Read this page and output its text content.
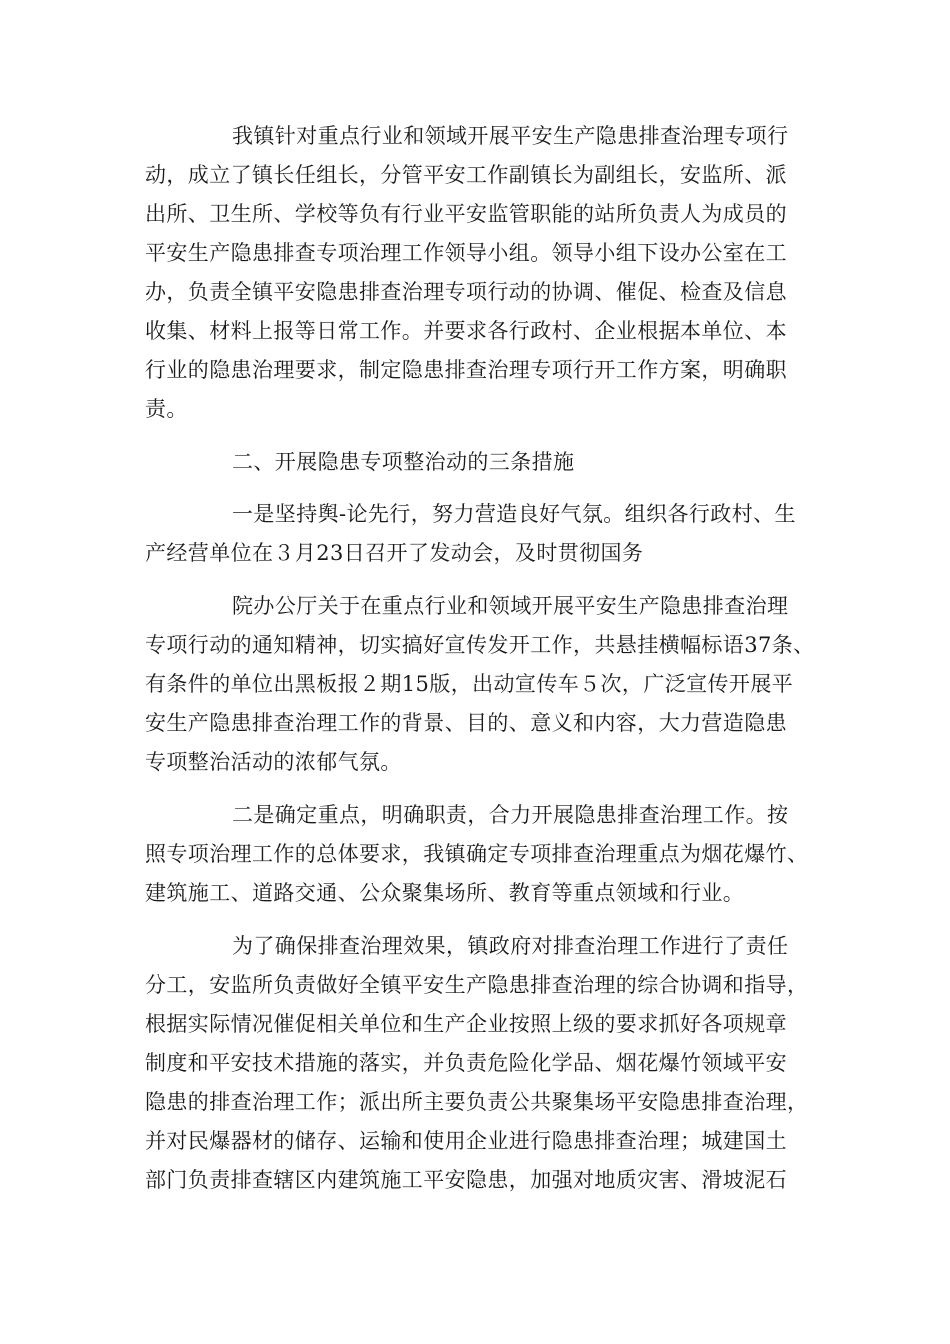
我镇针对重点行业和领域开展平安生产隐患排查治理专项行
动，成立了镇长任组长，分管平安工作副镇长为副组长，安监所、派
出所、卫生所、学校等负有行业平安监管职能的站所负责人为成员的
平安生产隐患排查专项治理工作领导小组。领导小组下设办公室在工
办，负责全镇平安隐患排查治理专项行动的协调、催促、检查及信息
收集、材料上报等日常工作。并要求各行政村、企业根据本单位、本
行业的隐患治理要求，制定隐患排查治理专项行开工作方案，明确职
责。
二、开展隐患专项整治动的三条措施
一是坚持舆-论先行，努力营造良好气氛。组织各行政村、生
产经营单位在３月23日召开了发动会，及时贯彻国务
院办公厅关于在重点行业和领域开展平安生产隐患排查治理
专项行动的通知精神，切实搞好宣传发开工作，共悬挂横幅标语37条、
有条件的单位出黑板报２期15版，出动宣传车５次，广泛宣传开展平
安生产隐患排查治理工作的背景、目的、意义和内容，大力营造隐患
专项整治活动的浓郁气氛。
二是确定重点，明确职责，合力开展隐患排查治理工作。按
照专项治理工作的总体要求，我镇确定专项排查治理重点为烟花爆竹、
建筑施工、道路交通、公众聚集场所、教育等重点领域和行业。
为了确保排查治理效果，镇政府对排查治理工作进行了责任
分工，安监所负责做好全镇平安生产隐患排查治理的综合协调和指导，
根据实际情况催促相关单位和生产企业按照上级的要求抓好各项规章
制度和平安技术措施的落实，并负责危险化学品、烟花爆竹领域平安
隐患的排查治理工作；派出所主要负责公共聚集场平安隐患排查治理，
并对民爆器材的储存、运输和使用企业进行隐患排查治理；城建国土
部门负责排查辖区内建筑施工平安隐患，加强对地质灾害、滑坡泥石
